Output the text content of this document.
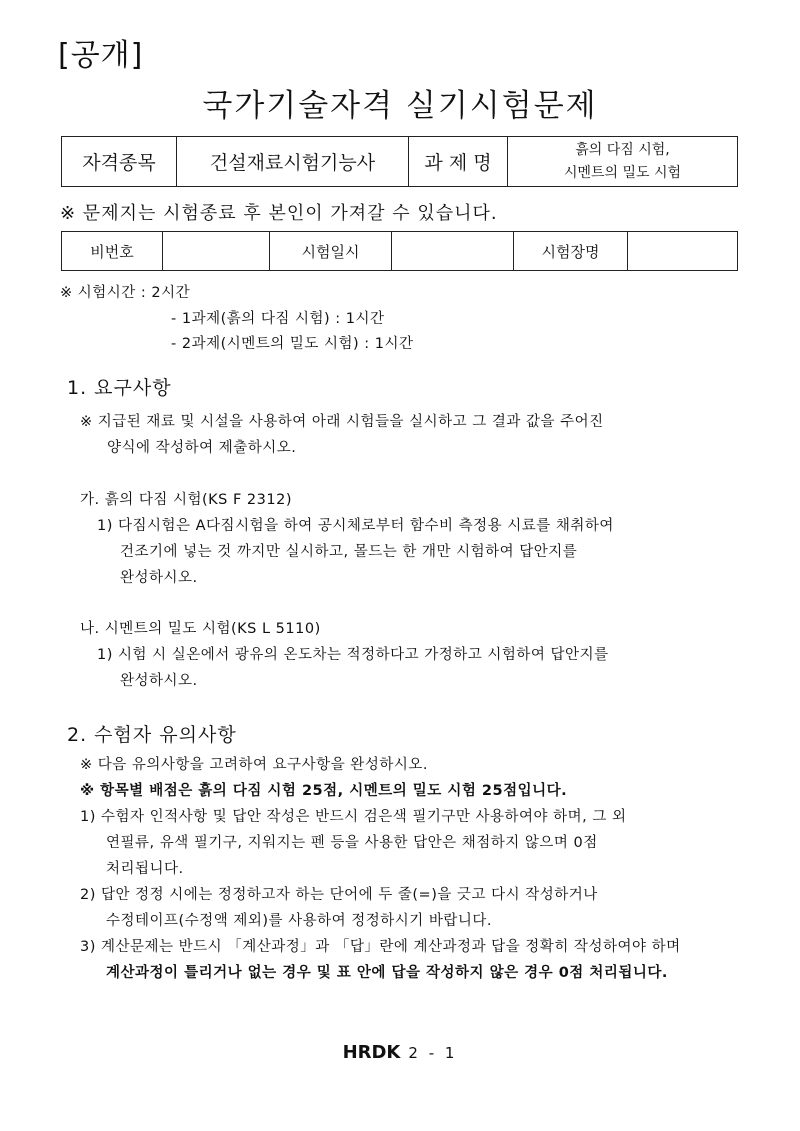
[공개]
국가기술자격 실기시험문제
자격종목	건설재료시험기능사	과 제 명	
흙의 다짐 시험,
시멘트의 밀도 시험
※ 문제지는 시험종료 후 본인이 가져갈 수 있습니다.
비번호		시험일시		시험장명	
※ 시험시간 : 2시간
- 1과제(흙의 다짐 시험) : 1시간
- 2과제(시멘트의 밀도 시험) : 1시간
1. 요구사항
※ 지급된 재료 및 시설을 사용하여 아래 시험들을 실시하고 그 결과 값을 주어진
양식에 작성하여 제출하시오.
가. 흙의 다짐 시험(KS F 2312)
1) 다짐시험은 A다짐시험을 하여 공시체로부터 함수비 측정용 시료를 채취하여
건조기에 넣는 것 까지만 실시하고, 몰드는 한 개만 시험하여 답안지를
완성하시오.
나. 시멘트의 밀도 시험(KS L 5110)
1) 시험 시 실온에서 광유의 온도차는 적정하다고 가정하고 시험하여 답안지를
완성하시오.
2. 수험자 유의사항
※ 다음 유의사항을 고려하여 요구사항을 완성하시오.
※ 항목별 배점은 흙의 다짐 시험 25점, 시멘트의 밀도 시험 25점입니다.
1) 수험자 인적사항 및 답안 작성은 반드시 검은색 필기구만 사용하여야 하며, 그 외
연필류, 유색 필기구, 지워지는 펜 등을 사용한 답안은 채점하지 않으며 0점
처리됩니다.
2) 답안 정정 시에는 정정하고자 하는 단어에 두 줄(=)을 긋고 다시 작성하거나
수정테이프(수정액 제외)를 사용하여 정정하시기 바랍니다.
3) 계산문제는 반드시 「계산과정」과 「답」란에 계산과정과 답을 정확히 작성하여야 하며
계산과정이 틀리거나 없는 경우 및 표 안에 답을 작성하지 않은 경우 0점 처리됩니다.
HRDK 2 - 1
